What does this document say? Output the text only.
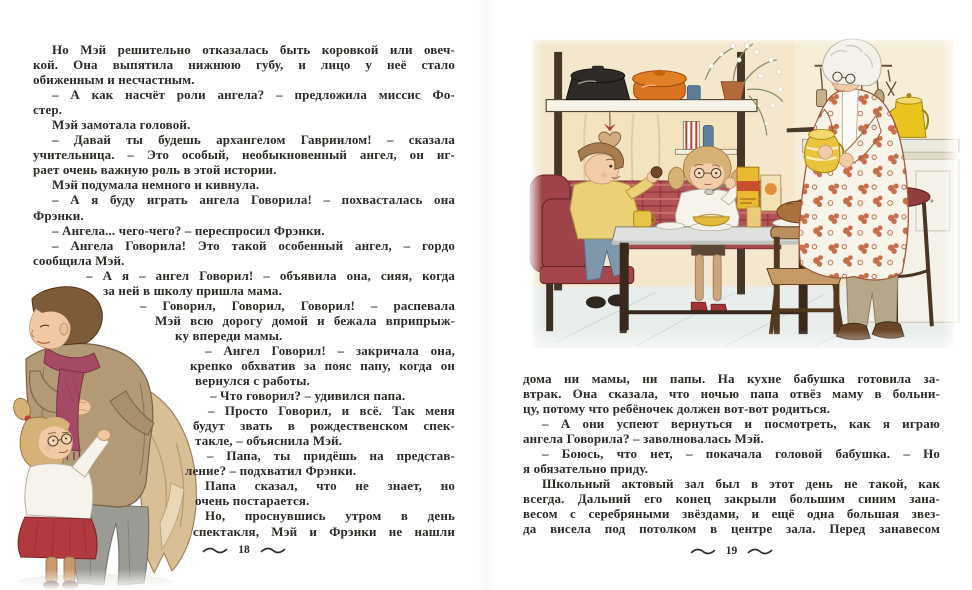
Но Мэй решительно отказалась быть коровкой или овеч-
кой. Она выпятила нижнюю губу, и лицо у неё стало
обиженным и несчастным.
– А как насчёт роли ангела? – предложила миссис Фо-
стер.
Мэй замотала головой.
– Давай ты будешь архангелом Гавриилом! – сказала
учительница. – Это особый, необыкновенный ангел, он иг-
рает очень важную роль в этой истории.
Мэй подумала немного и кивнула.
– А я буду играть ангела Говорила! – похвасталась она
Фрэнки.
– Ангела... чего-чего? – переспросил Фрэнки.
– Ангела Говорила! Это такой особенный ангел, – гордо
сообщила Мэй.
– А я – ангел Говорил! – объявила она, сияя, когда
за ней в школу пришла мама.
– Говорил, Говорил, Говорил! – распевала
Мэй всю дорогу домой и бежала вприпрыж-
ку впереди мамы.
– Ангел Говорил! – закричала она,
крепко обхватив за пояс папу, когда он
вернулся с работы.
– Что говорил? – удивился папа.
– Просто Говорил, и всё. Так меня
будут звать в рождественском спек-
такле, – объяснила Мэй.
– Папа, ты придёшь на представ-
ление? – подхватил Фрэнки.
Папа сказал, что не знает, но
очень постарается.
Но, проснувшись утром в день
спектакля, Мэй и Фрэнки не нашли
18
дома ни мамы, ни папы. На кухне бабушка готовила за-
втрак. Она сказала, что ночью папа отвёз маму в больни-
цу, потому что ребёночек должен вот-вот родиться.
– А они успеют вернуться и посмотреть, как я играю
ангела Говорила? – заволновалась Мэй.
– Боюсь, что нет, – покачала головой бабушка. – Но
я обязательно приду.
Школьный актовый зал был в этот день не такой, как
всегда. Дальний его конец закрыли большим синим зана-
весом с серебряными звёздами, и ещё одна большая звез-
да висела под потолком в центре зала. Перед занавесом
19
